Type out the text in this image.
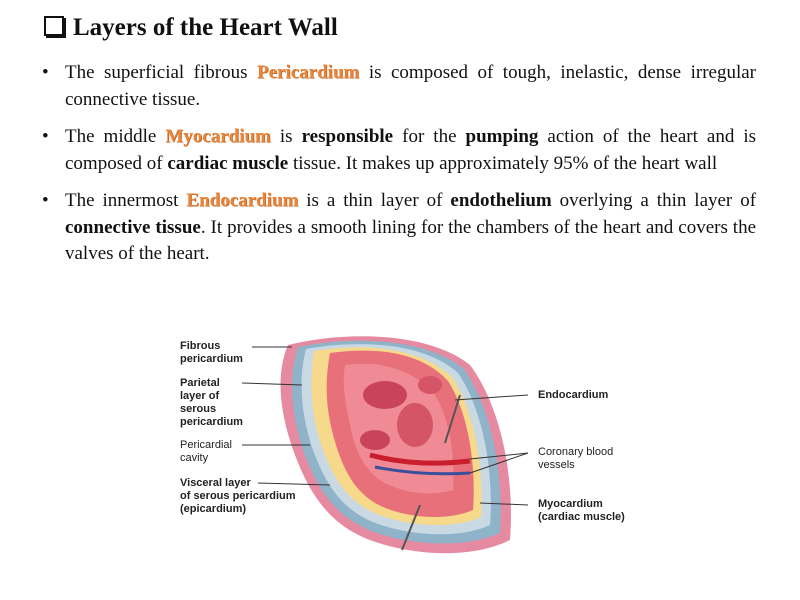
Layers of the Heart Wall
• The superficial fibrous Pericardium is composed of tough, inelastic, dense irregular connective tissue.
• The middle Myocardium is responsible for the pumping action of the heart and is composed of cardiac muscle tissue. It makes up approximately 95% of the heart wall
• The innermost Endocardium is a thin layer of endothelium overlying a thin layer of connective tissue. It provides a smooth lining for the chambers of the heart and covers the valves of the heart.
Fibrous
pericardium
Parietal
layer of
serous
pericardium
Pericardial
cavity
Visceral layer
of serous pericardium
(epicardium)
Endocardium
Coronary blood
vessels
Myocardium
(cardiac muscle)
